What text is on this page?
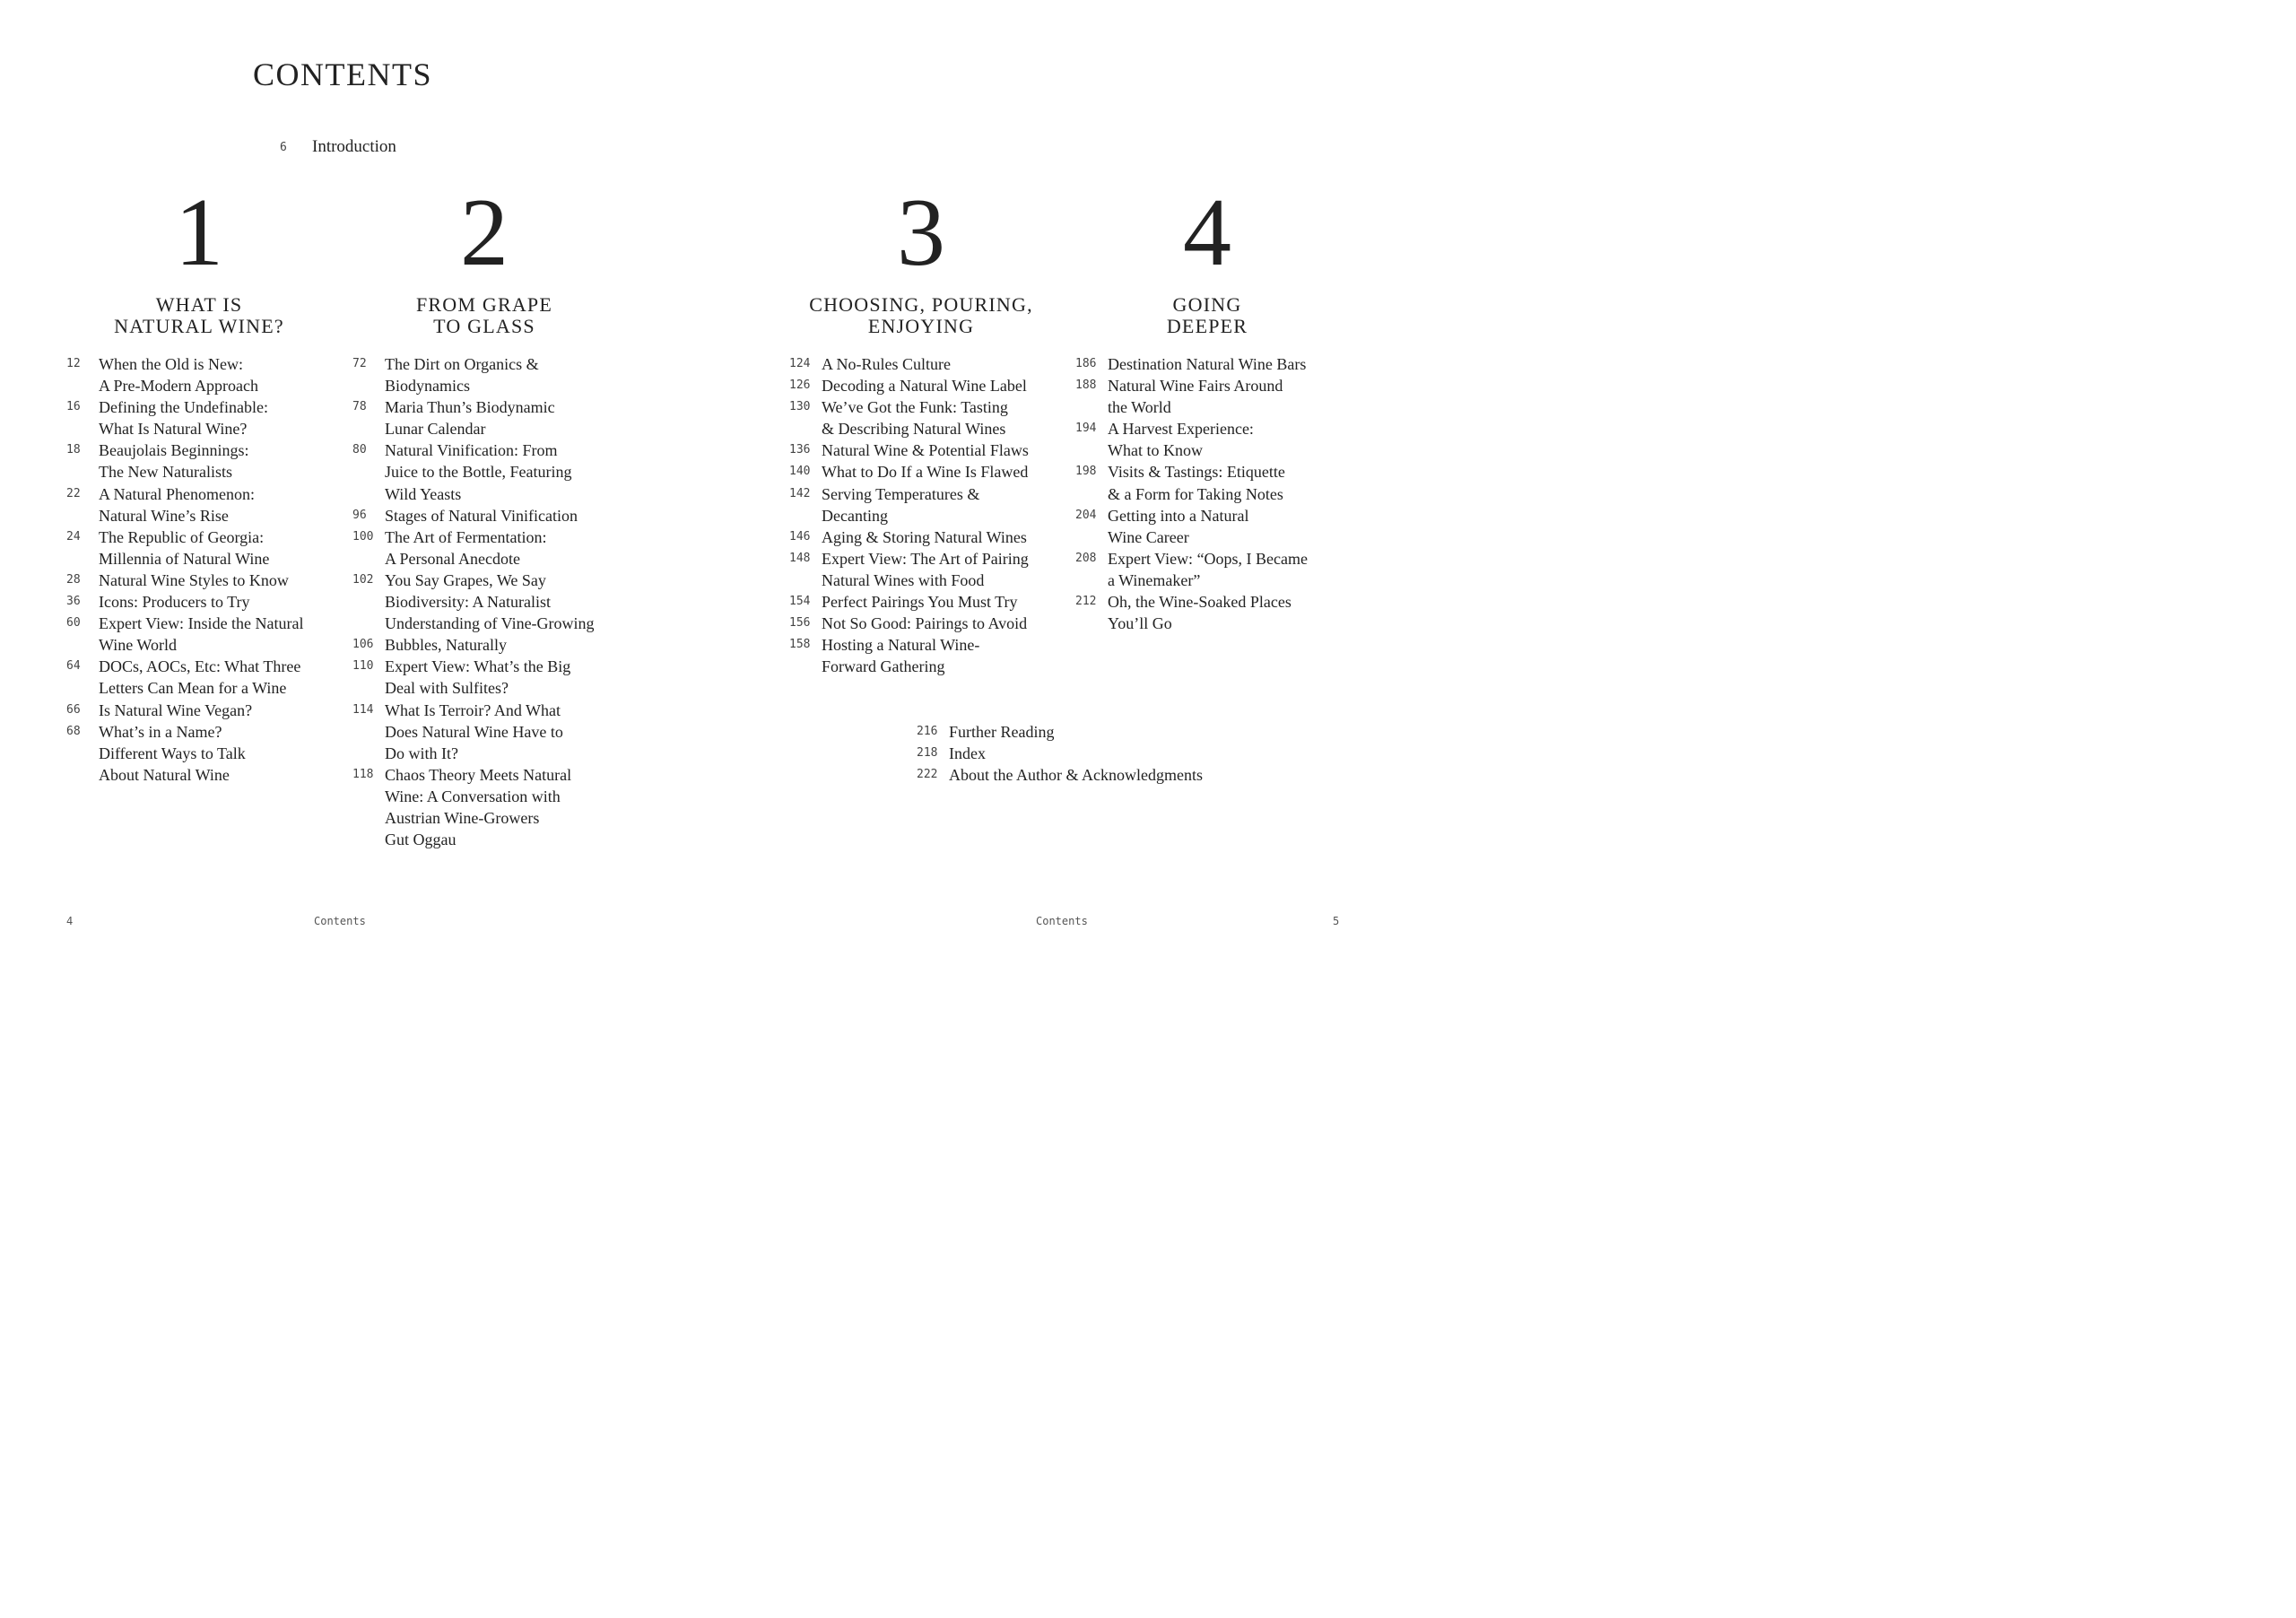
CONTENTS
6	Introduction
1
WHAT IS
NATURAL WINE?
2
FROM GRAPE
TO GLASS
3
CHOOSING, POURING,
ENJOYING
4
GOING
DEEPER
12 When the Old is New:
A Pre-Modern Approach
16 Defining the Undefinable:
What Is Natural Wine?
18 Beaujolais Beginnings:
The New Naturalists
22 A Natural Phenomenon:
Natural Wine’s Rise
24 The Republic of Georgia:
Millennia of Natural Wine
28 Natural Wine Styles to Know
36 Icons: Producers to Try
60 Expert View: Inside the Natural
Wine World
64 DOCs, AOCs, Etc: What Three
Letters Can Mean for a Wine
66 Is Natural Wine Vegan?
68 What’s in a Name?
Different Ways to Talk
About Natural Wine
72 The Dirt on Organics &
Biodynamics
78 Maria Thun’s Biodynamic
Lunar Calendar
80 Natural Vinification: From
Juice to the Bottle, Featuring
Wild Yeasts
96 Stages of Natural Vinification
100 The Art of Fermentation:
A Personal Anecdote
102 You Say Grapes, We Say
Biodiversity: A Naturalist
Understanding of Vine-Growing
106 Bubbles, Naturally
110 Expert View: What’s the Big
Deal with Sulfites?
114 What Is Terroir? And What
Does Natural Wine Have to
Do with It?
118 Chaos Theory Meets Natural
Wine: A Conversation with
Austrian Wine-Growers
Gut Oggau
124 A No-Rules Culture
126 Decoding a Natural Wine Label
130 We’ve Got the Funk: Tasting
& Describing Natural Wines
136 Natural Wine & Potential Flaws
140 What to Do If a Wine Is Flawed
142 Serving Temperatures &
Decanting
146 Aging & Storing Natural Wines
148 Expert View: The Art of Pairing
Natural Wines with Food
154 Perfect Pairings You Must Try
156 Not So Good: Pairings to Avoid
158 Hosting a Natural Wine-
Forward Gathering
186 Destination Natural Wine Bars
188 Natural Wine Fairs Around
the World
194 A Harvest Experience:
What to Know
198 Visits & Tastings: Etiquette
& a Form for Taking Notes
204 Getting into a Natural
Wine Career
208 Expert View: “Oops, I Became
a Winemaker”
212 Oh, the Wine-Soaked Places
You’ll Go
216 Further Reading
218 Index
222 About the Author & Acknowledgments
4	Contents	Contents	5
